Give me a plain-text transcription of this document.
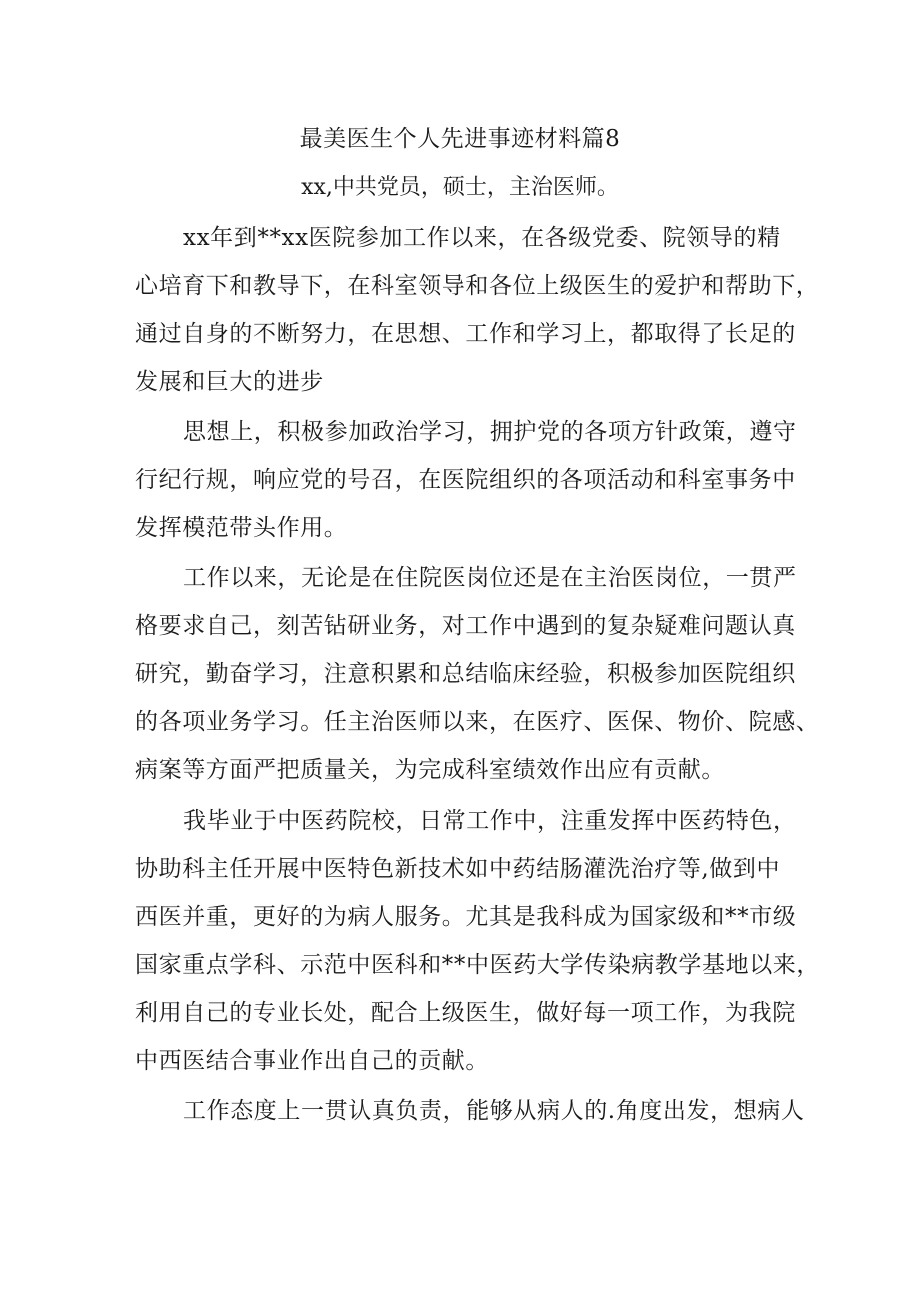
最美医生个人先进事迹材料篇8
xx,中共党员，硕士，主治医师。
xx年到**xx医院参加工作以来，在各级党委、院领导的精
心培育下和教导下，在科室领导和各位上级医生的爱护和帮助下，
通过自身的不断努力，在思想、工作和学习上，都取得了长足的
发展和巨大的进步
思想上，积极参加政治学习，拥护党的各项方针政策，遵守
行纪行规，响应党的号召，在医院组织的各项活动和科室事务中
发挥模范带头作用。
工作以来，无论是在住院医岗位还是在主治医岗位，一贯严
格要求自己，刻苦钻研业务，对工作中遇到的复杂疑难问题认真
研究，勤奋学习，注意积累和总结临床经验，积极参加医院组织
的各项业务学习。任主治医师以来，在医疗、医保、物价、院感、
病案等方面严把质量关，为完成科室绩效作出应有贡献。
我毕业于中医药院校，日常工作中，注重发挥中医药特色，
协助科主任开展中医特色新技术如中药结肠灌洗治疗等,做到中
西医并重，更好的为病人服务。尤其是我科成为国家级和**市级
国家重点学科、示范中医科和**中医药大学传染病教学基地以来，
利用自己的专业长处，配合上级医生，做好每一项工作，为我院
中西医结合事业作出自己的贡献。
工作态度上一贯认真负责，能够从病人的.角度出发，想病人
